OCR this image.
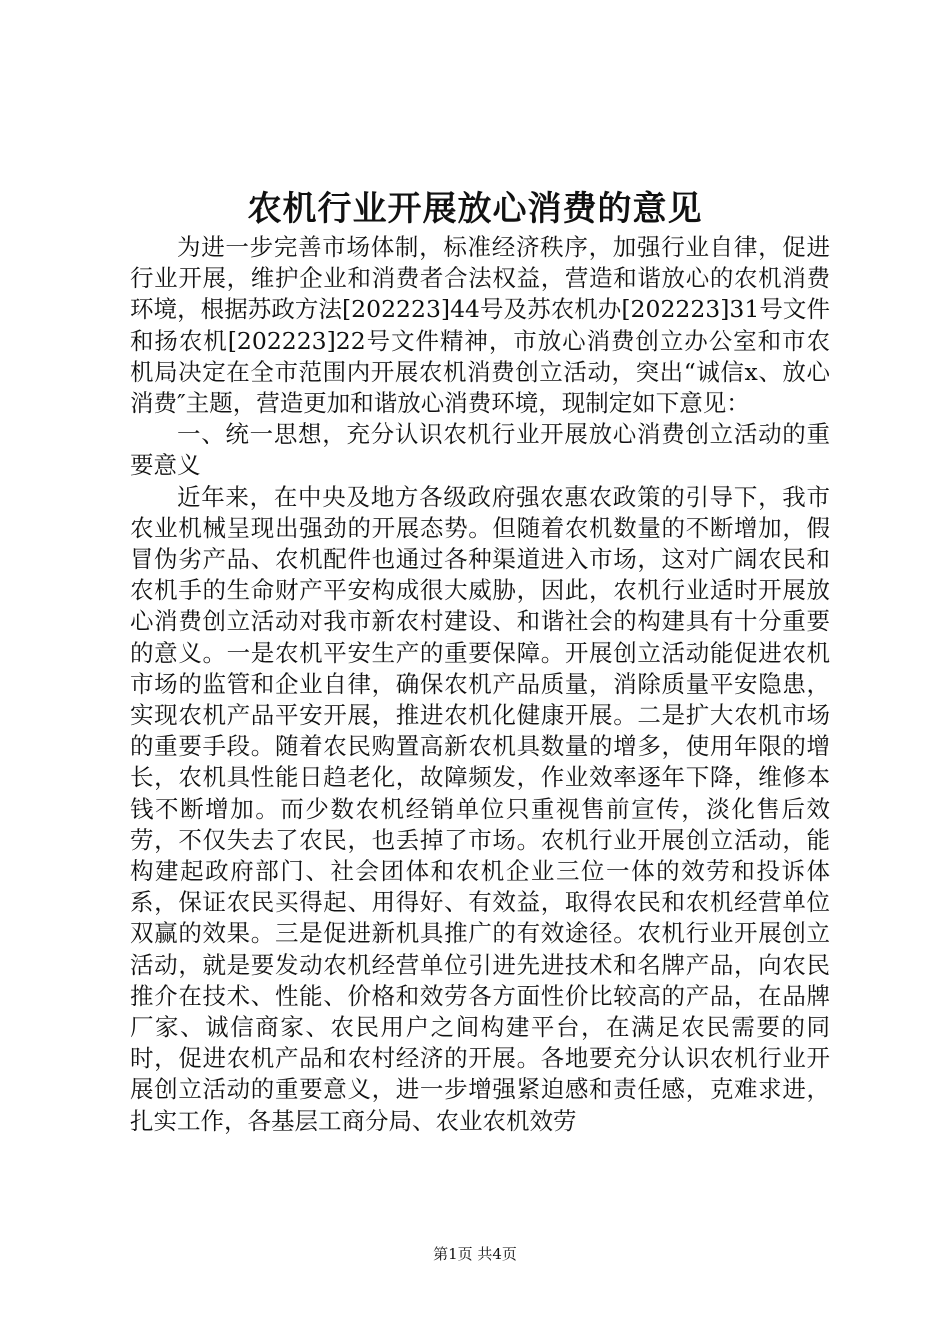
农机行业开展放心消费的意见

为进一步完善市场体制，标准经济秩序，加强行业自律，促进行业开展，维护企业和消费者合法权益，营造和谐放心的农机消费环境，根据苏政方法[202223]44号及苏农机办[202223]31号文件和扬农机[202223]22号文件精神，市放心消费创立办公室和市农机局决定在全市范围内开展农机消费创立活动，突出“诚信x、放心消费″主题，营造更加和谐放心消费环境，现制定如下意见：

一、统一思想，充分认识农机行业开展放心消费创立活动的重要意义

近年来，在中央及地方各级政府强农惠农政策的引导下，我市农业机械呈现出强劲的开展态势。但随着农机数量的不断增加，假冒伪劣产品、农机配件也通过各种渠道进入市场，这对广阔农民和农机手的生命财产平安构成很大威胁，因此，农机行业适时开展放心消费创立活动对我市新农村建设、和谐社会的构建具有十分重要的意义。一是农机平安生产的重要保障。开展创立活动能促进农机市场的监管和企业自律，确保农机产品质量，消除质量平安隐患，实现农机产品平安开展，推进农机化健康开展。二是扩大农机市场的重要手段。随着农民购置高新农机具数量的增多，使用年限的增长，农机具性能日趋老化，故障频发，作业效率逐年下降，维修本钱不断增加。而少数农机经销单位只重视售前宣传，淡化售后效劳，不仅失去了农民，也丢掉了市场。农机行业开展创立活动，能构建起政府部门、社会团体和农机企业三位一体的效劳和投诉体系，保证农民买得起、用得好、有效益，取得农民和农机经营单位双赢的效果。三是促进新机具推广的有效途径。农机行业开展创立活动，就是要发动农机经营单位引进先进技术和名牌产品，向农民推介在技术、性能、价格和效劳各方面性价比较高的产品，在品牌厂家、诚信商家、农民用户之间构建平台，在满足农民需要的同时，促进农机产品和农村经济的开展。各地要充分认识农机行业开展创立活动的重要意义，进一步增强紧迫感和责任感，克难求进，扎实工作，各基层工商分局、农业农机效劳

第1页 共4页
